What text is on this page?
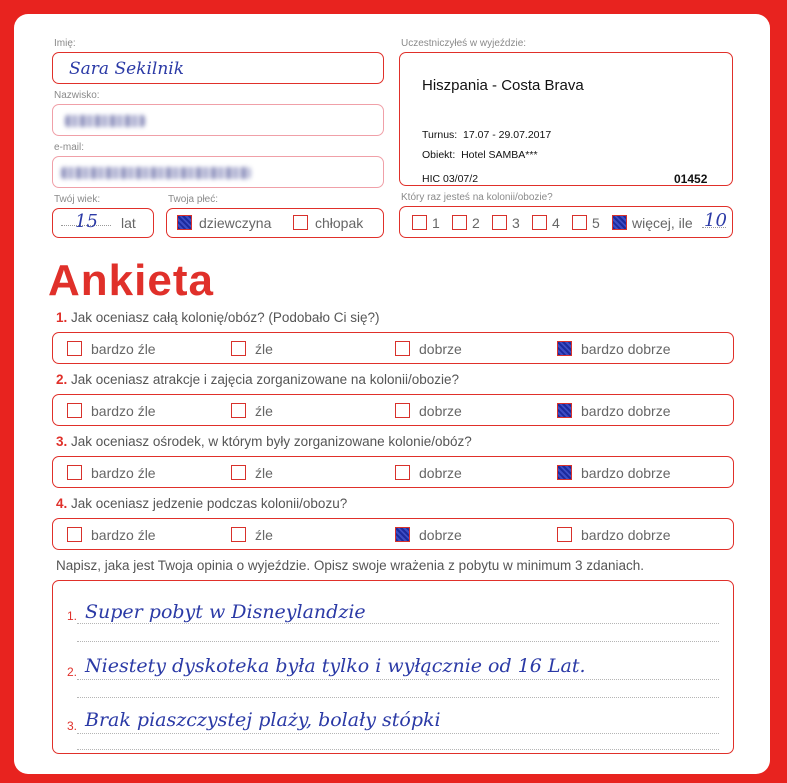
Imię:
Sara Sekilnik
Nazwisko:
e-mail:
Twój wiek:
15 lat
Twoja płeć:
dziewczyna	chłopak
Uczestniczyłeś w wyjeździe:
Hiszpania - Costa Brava
Turnus:  17.07 - 29.07.2017
Obiekt:  Hotel SAMBA***
HIC 03/07/2	01452
Który raz jesteś na kolonii/obozie?
1 2 3 4 5 więcej, ile 10
Ankieta
1. Jak oceniasz całą kolonię/obóz? (Podobało Ci się?)
bardzo źle	źle	dobrze	bardzo dobrze
2. Jak oceniasz atrakcje i zajęcia zorganizowane na kolonii/obozie?
bardzo źle	źle	dobrze	bardzo dobrze
3. Jak oceniasz ośrodek, w którym były zorganizowane kolonie/obóz?
bardzo źle	źle	dobrze	bardzo dobrze
4. Jak oceniasz jedzenie podczas kolonii/obozu?
bardzo źle	źle	dobrze	bardzo dobrze
Napisz, jaka jest Twoja opinia o wyjeździe. Opisz swoje wrażenia z pobytu w minimum 3 zdaniach.
1. Super pobyt w Disneylandzie
2. Niestety dyskoteka była tylko i wyłącznie od 16 Lat.
3. Brak piaszczystej plaży, bolały stópki
